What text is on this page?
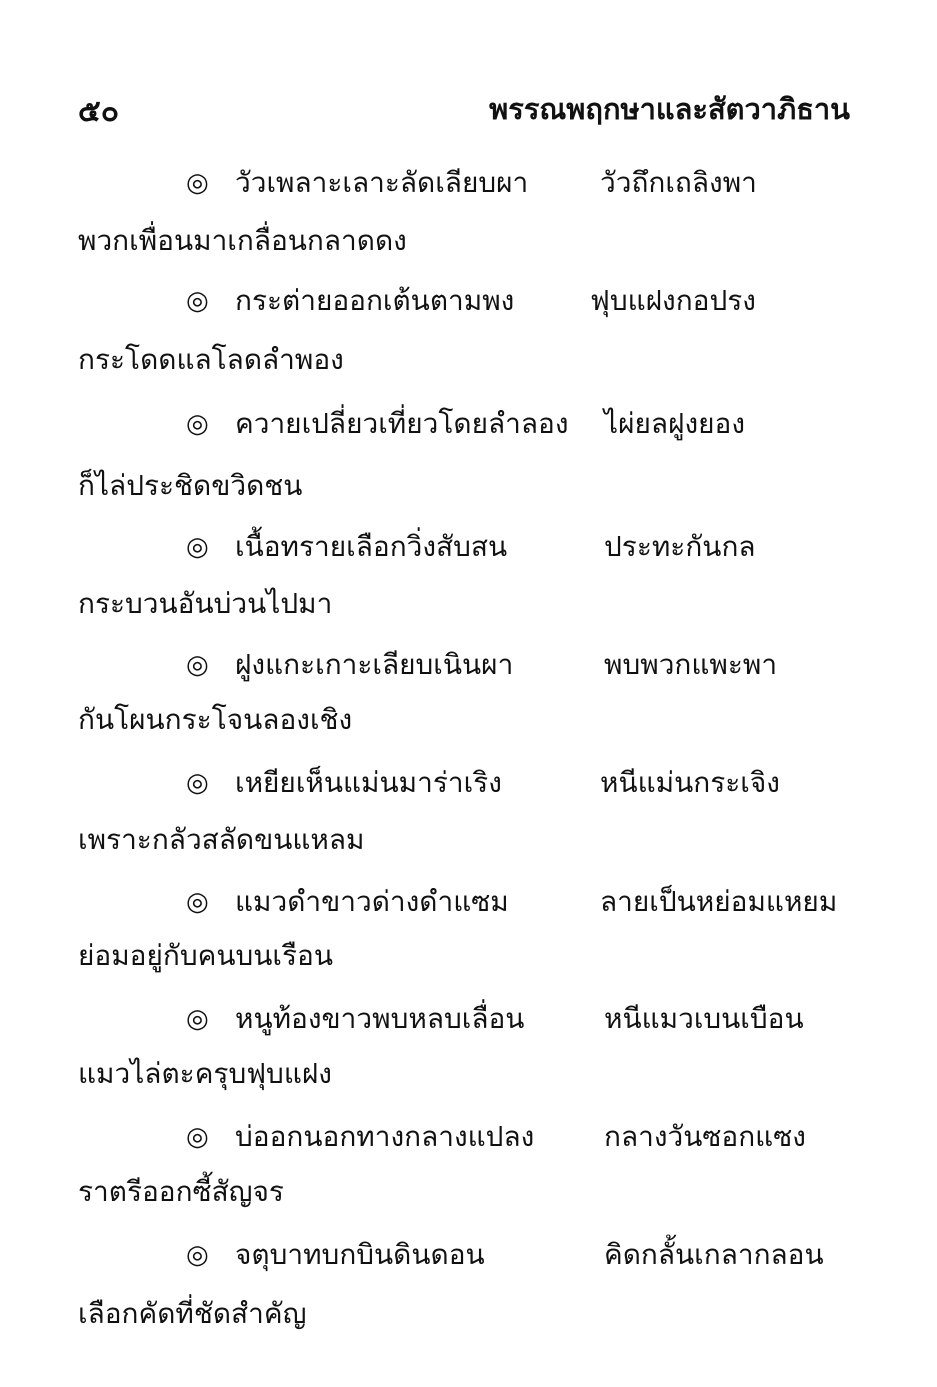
๕๐	พรรณพฤกษาและสัตวาภิธาน
◎ วัวเพลาะเลาะลัดเลียบผา	วัวถึกเถลิงพา
พวกเพื่อนมาเกลื่อนกลาดดง
◎ กระต่ายออกเต้นตามพง	ฟุบแฝงกอปรง
กระโดดแลโลดลำพอง
◎ ควายเปลี่ยวเที่ยวโดยลำลอง ไผ่ยลฝูงยอง
ก็ไล่ประชิดขวิดชน
◎ เนื้อทรายเลือกวิ่งสับสน	ประทะกันกล
กระบวนอันบ่วนไปมา
◎ ฝูงแกะเกาะเลียบเนินผา	พบพวกแพะพา
กันโผนกระโจนลองเชิง
◎ เหยียเห็นแม่นมาร่าเริง	หนีแม่นกระเจิง
เพราะกลัวสลัดขนแหลม
◎ แมวดำขาวด่างดำแซม	ลายเป็นหย่อมแหยม
ย่อมอยู่กับคนบนเรือน
◎ หนูท้องขาวพบหลบเลื่อน	หนีแมวเบนเบือน
แมวไล่ตะครุบฟุบแฝง
◎ บ่ออกนอกทางกลางแปลง กลางวันซอกแซง
ราตรีออกซี้สัญจร
◎ จตุบาทบกบินดินดอน	คิดกลั้นเกลากลอน
เลือกคัดที่ชัดสำคัญ
